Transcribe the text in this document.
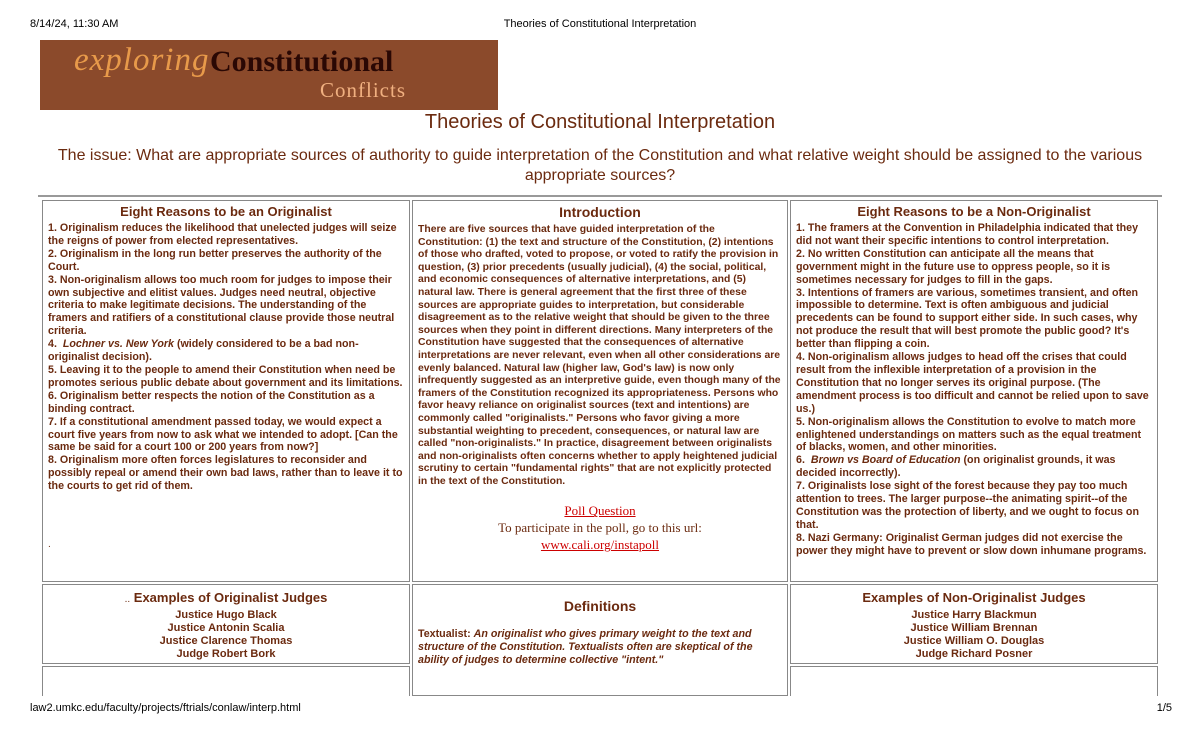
8/14/24, 11:30 AM	Theories of Constitutional Interpretation
exploring Constitutional
Conflicts
Theories of Constitutional Interpretation
The issue: What are appropriate sources of authority to guide interpretation of the Constitution and what relative weight should be assigned to the various appropriate sources?
Eight Reasons to be an Originalist

1. Originalism reduces the likelihood that unelected judges will seize the reigns of power from elected representatives.

2. Originalism in the long run better preserves the authority of the Court.

3. Non-originalism allows too much room for judges to impose their own subjective and elitist values. Judges need neutral, objective criteria to make legitimate decisions. The understanding of the framers and ratifiers of a constitutional clause provide those neutral criteria.

4. Lochner vs. New York (widely considered to be a bad non-originalist decision).

5. Leaving it to the people to amend their Constitution when need be promotes serious public debate about government and its limitations.

6. Originalism better respects the notion of the Constitution as a binding contract.

7. If a constitutional amendment passed today, we would expect a court five years from now to ask what we intended to adopt. [Can the same be said for a court 100 or 200 years from now?]

8. Originalism more often forces legislatures to reconsider and possibly repeal or amend their own bad laws, rather than to leave it to the courts to get rid of them.

.
Introduction
There are five sources that have guided interpretation of the Constitution: (1) the text and structure of the Constitution, (2) intentions of those who drafted, voted to propose, or voted to ratify the provision in question, (3) prior precedents (usually judicial), (4) the social, political, and economic consequences of alternative interpretations, and (5) natural law. There is general agreement that the first three of these sources are appropriate guides to interpretation, but considerable disagreement as to the relative weight that should be given to the three sources when they point in different directions. Many interpreters of the Constitution have suggested that the consequences of alternative interpretations are never relevant, even when all other considerations are evenly balanced. Natural law (higher law, God's law) is now only infrequently suggested as an interpretive guide, even though many of the framers of the Constitution recognized its appropriateness. Persons who favor heavy reliance on originalist sources (text and intentions) are commonly called "originalists." Persons who favor giving a more substantial weighting to precedent, consequences, or natural law are called "non-originalists." In practice, disagreement between originalists and non-originalists often concerns whether to apply heightened judicial scrutiny to certain "fundamental rights" that are not explicitly protected in the text of the Constitution.
Poll Question
To participate in the poll, go to this url:
www.cali.org/instapoll
Eight Reasons to be a Non-Originalist

1. The framers at the Convention in Philadelphia indicated that they did not want their specific intentions to control interpretation.

2. No written Constitution can anticipate all the means that government might in the future use to oppress people, so it is sometimes necessary for judges to fill in the gaps.

3. Intentions of framers are various, sometimes transient, and often impossible to determine. Text is often ambiguous and judicial precedents can be found to support either side. In such cases, why not produce the result that will best promote the public good? It's better than flipping a coin.

4. Non-originalism allows judges to head off the crises that could result from the inflexible interpretation of a provision in the Constitution that no longer serves its original purpose. (The amendment process is too difficult and cannot be relied upon to save us.)

5. Non-originalism allows the Constitution to evolve to match more enlightened understandings on matters such as the equal treatment of blacks, women, and other minorities.

6. Brown vs Board of Education (on originalist grounds, it was decided incorrectly).

7. Originalists lose sight of the forest because they pay too much attention to trees. The larger purpose--the animating spirit--of the Constitution was the protection of liberty, and we ought to focus on that.

8. Nazi Germany: Originalist German judges did not exercise the power they might have to prevent or slow down inhumane programs.

.. Examples of Originalist Judges
Justice Hugo Black
Justice Antonin Scalia
Justice Clarence Thomas
Judge Robert Bork
Definitions
Textualist: An originalist who gives primary weight to the text and structure of the Constitution. Textualists often are skeptical of the ability of judges to determine collective "intent."
Examples of Non-Originalist Judges
Justice Harry Blackmun
Justice William Brennan
Justice William O. Douglas
Judge Richard Posner
law2.umkc.edu/faculty/projects/ftrials/conlaw/interp.html	1/5
